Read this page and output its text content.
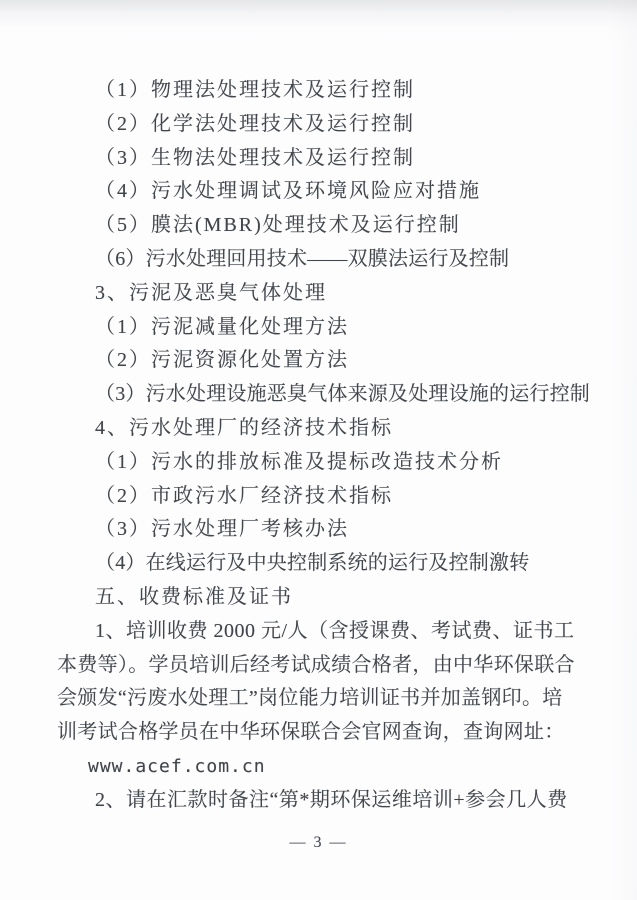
（1）物理法处理技术及运行控制
（2）化学法处理技术及运行控制
（3）生物法处理技术及运行控制
（4）污水处理调试及环境风险应对措施
（5）膜法(MBR)处理技术及运行控制
（6）污水处理回用技术——双膜法运行及控制
3、污泥及恶臭气体处理
（1）污泥减量化处理方法
（2）污泥资源化处置方法
（3）污水处理设施恶臭气体来源及处理设施的运行控制
4、污水处理厂的经济技术指标
（1）污水的排放标准及提标改造技术分析
（2）市政污水厂经济技术指标
（3）污水处理厂考核办法
（4）在线运行及中央控制系统的运行及控制激转
五、收费标准及证书
1、培训收费 2000 元/人（含授课费、考试费、证书工
本费等）。学员培训后经考试成绩合格者，由中华环保联合
会颁发“污废水处理工”岗位能力培训证书并加盖钢印。培
训考试合格学员在中华环保联合会官网查询，查询网址：
www.acef.com.cn
2、请在汇款时备注“第*期环保运维培训+参会几人费
— 3 —
